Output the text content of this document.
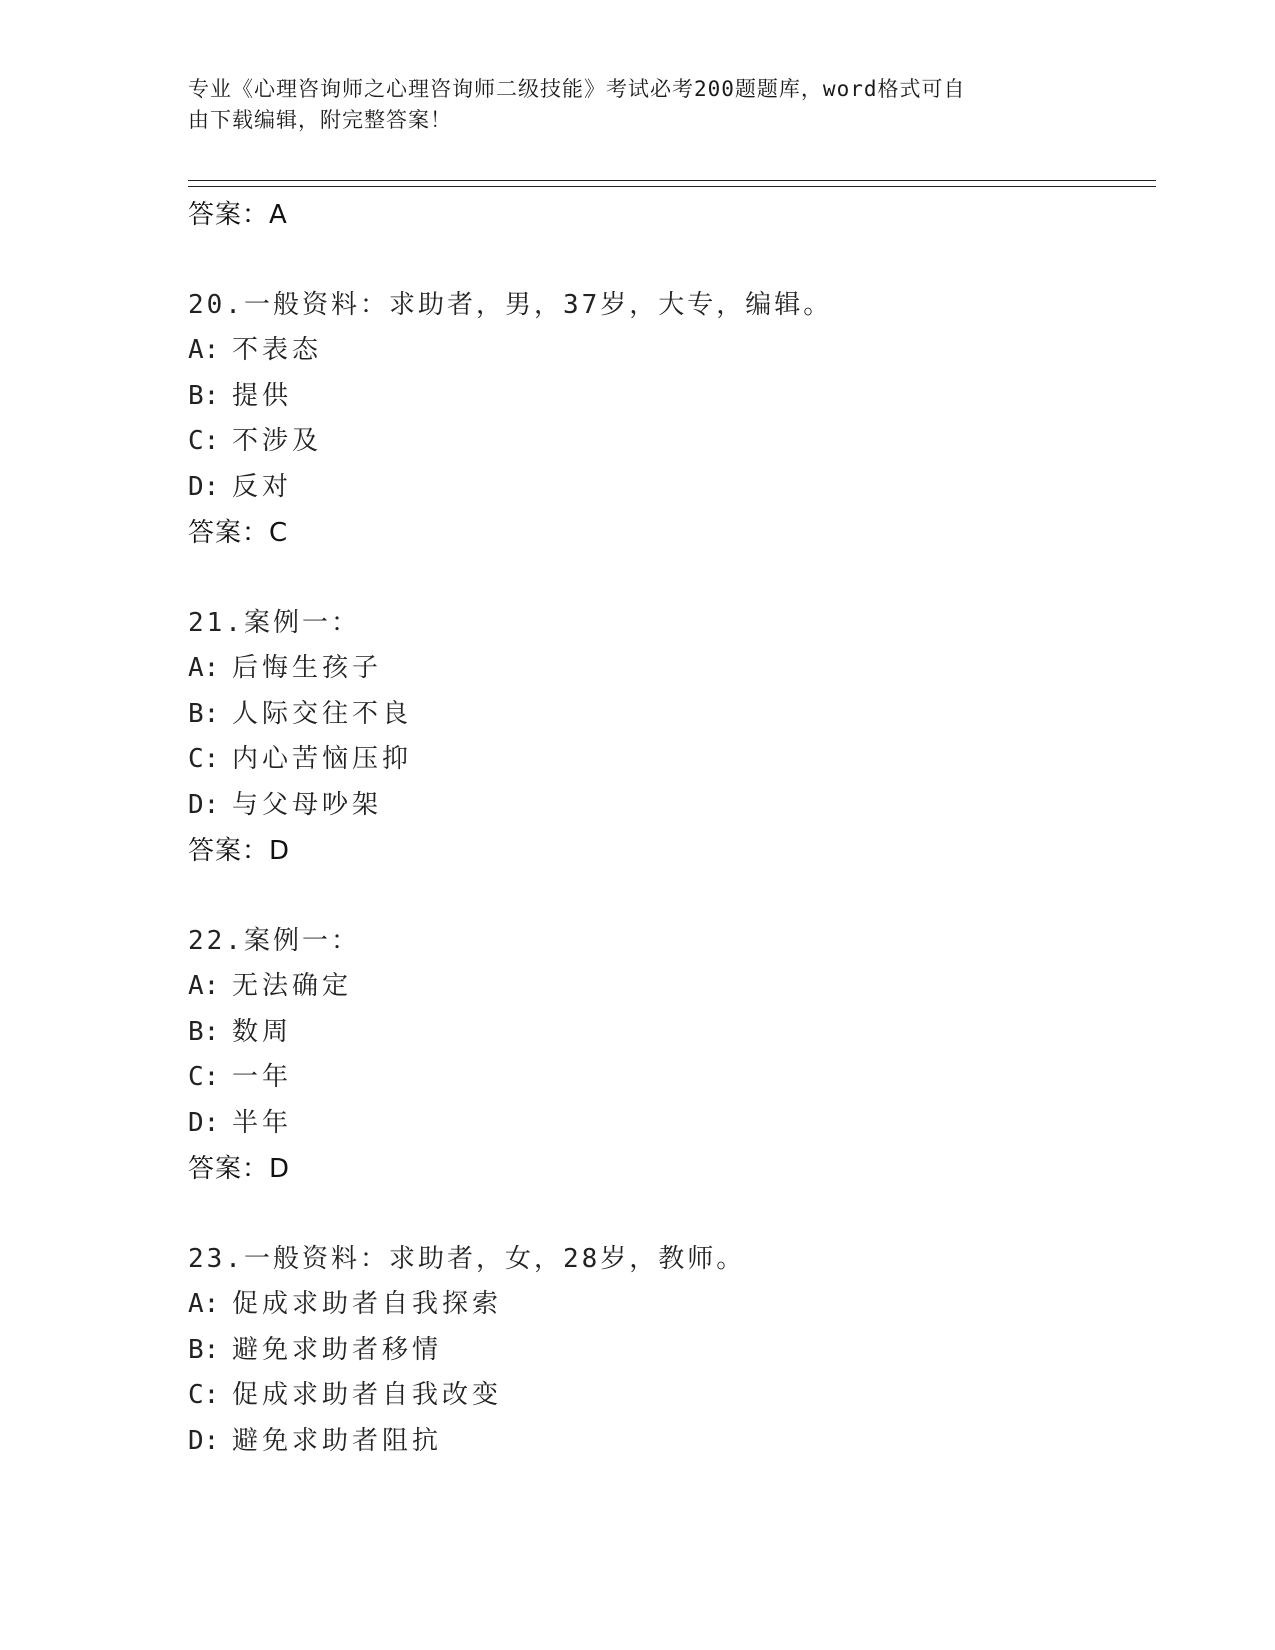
专业《心理咨询师之心理咨询师二级技能》考试必考200题题库，word格式可自
由下载编辑，附完整答案！
答案：A
20.一般资料：求助者，男，37岁，大专，编辑。
A: 不表态
B: 提供
C: 不涉及
D: 反对
答案：C
21.案例一：
A: 后悔生孩子
B: 人际交往不良
C: 内心苦恼压抑
D: 与父母吵架
答案：D
22.案例一：
A: 无法确定
B: 数周
C: 一年
D: 半年
答案：D
23.一般资料：求助者，女，28岁，教师。
A: 促成求助者自我探索
B: 避免求助者移情
C: 促成求助者自我改变
D: 避免求助者阻抗
